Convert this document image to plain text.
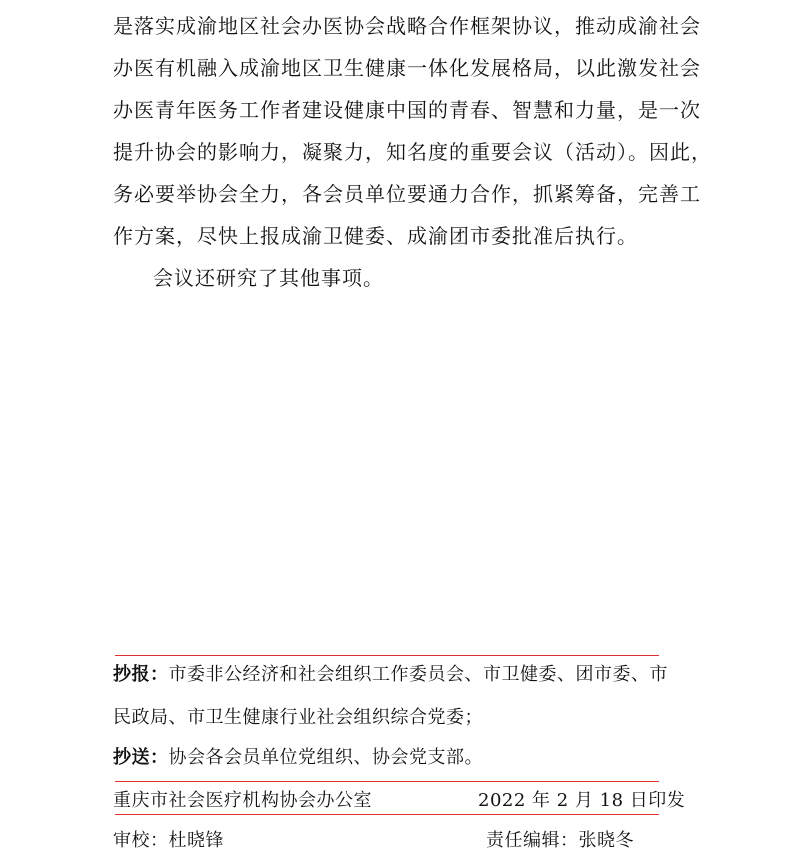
是落实成渝地区社会办医协会战略合作框架协议，推动成渝社会
办医有机融入成渝地区卫生健康一体化发展格局，以此激发社会
办医青年医务工作者建设健康中国的青春、智慧和力量，是一次
提升协会的影响力，凝聚力，知名度的重要会议（活动）。因此，
务必要举协会全力，各会员单位要通力合作，抓紧筹备，完善工
作方案，尽快上报成渝卫健委、成渝团市委批准后执行。
会议还研究了其他事项。
抄报：市委非公经济和社会组织工作委员会、市卫健委、团市委、市
民政局、市卫生健康行业社会组织综合党委；
抄送：协会各会员单位党组织、协会党支部。
重庆市社会医疗机构协会办公室	2022 年 2 月 18 日印发
审校：杜晓锋	责任编辑：张晓冬
